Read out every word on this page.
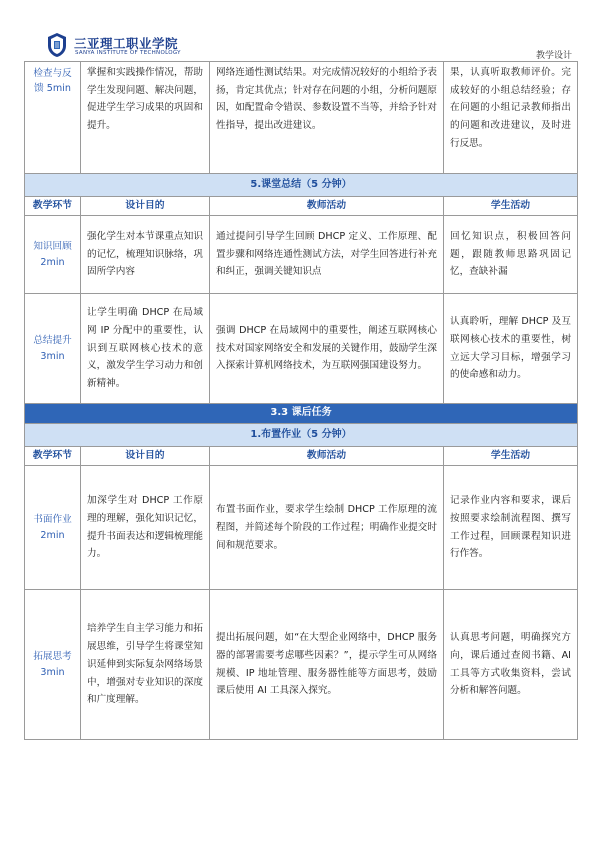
三亚理工职业学院
SANYA INSTITUTE OF TECHNOLOGY	教学设计
检查与反馈 5min	掌握和实践操作情况，帮助学生发现问题、解决问题，促进学生学习成果的巩固和提升。	网络连通性测试结果。对完成情况较好的小组给予表扬，肯定其优点；针对存在问题的小组，分析问题原因，如配置命令错误、参数设置不当等，并给予针对性指导，提出改进建议。	果，认真听取教师评价。完成较好的小组总结经验；存在问题的小组记录教师指出的问题和改进建议，及时进行反思。
5.课堂总结（5 分钟）			
教学环节	设计目的	教师活动	学生活动

知识回顾
2min	强化学生对本节课重点知识的记忆，梳理知识脉络，巩固所学内容	通过提问引导学生回顾 DHCP 定义、工作原理、配置步骤和网络连通性测试方法，对学生回答进行补充和纠正，强调关键知识点	回忆知识点，积极回答问题，跟随教师思路巩固记忆，查缺补漏

总结提升
3min	让学生明确 DHCP 在局域网 IP 分配中的重要性，认识到互联网核心技术的意义，激发学生学习动力和创新精神。	强调 DHCP 在局域网中的重要性，阐述互联网核心技术对国家网络安全和发展的关键作用，鼓励学生深入探索计算机网络技术，为互联网强国建设努力。	认真聆听，理解 DHCP 及互联网核心技术的重要性，树立远大学习目标，增强学习的使命感和动力。
3.3 课后任务			
1.布置作业（5 分钟）			
教学环节	设计目的	教师活动	学生活动

书面作业
2min	加深学生对 DHCP 工作原理的理解，强化知识记忆，提升书面表达和逻辑梳理能力。	布置书面作业，要求学生绘制 DHCP 工作原理的流程图，并简述每个阶段的工作过程；明确作业提交时间和规范要求。	记录作业内容和要求，课后按照要求绘制流程图、撰写工作过程，回顾课程知识进行作答。

拓展思考
3min	培养学生自主学习能力和拓展思维，引导学生将课堂知识延伸到实际复杂网络场景中，增强对专业知识的深度和广度理解。	提出拓展问题，如“在大型企业网络中，DHCP 服务器的部署需要考虑哪些因素？”，提示学生可从网络规模、IP 地址管理、服务器性能等方面思考，鼓励课后使用 AI 工具深入探究。	认真思考问题，明确探究方向，课后通过查阅书籍、AI 工具等方式收集资料，尝试分析和解答问题。
